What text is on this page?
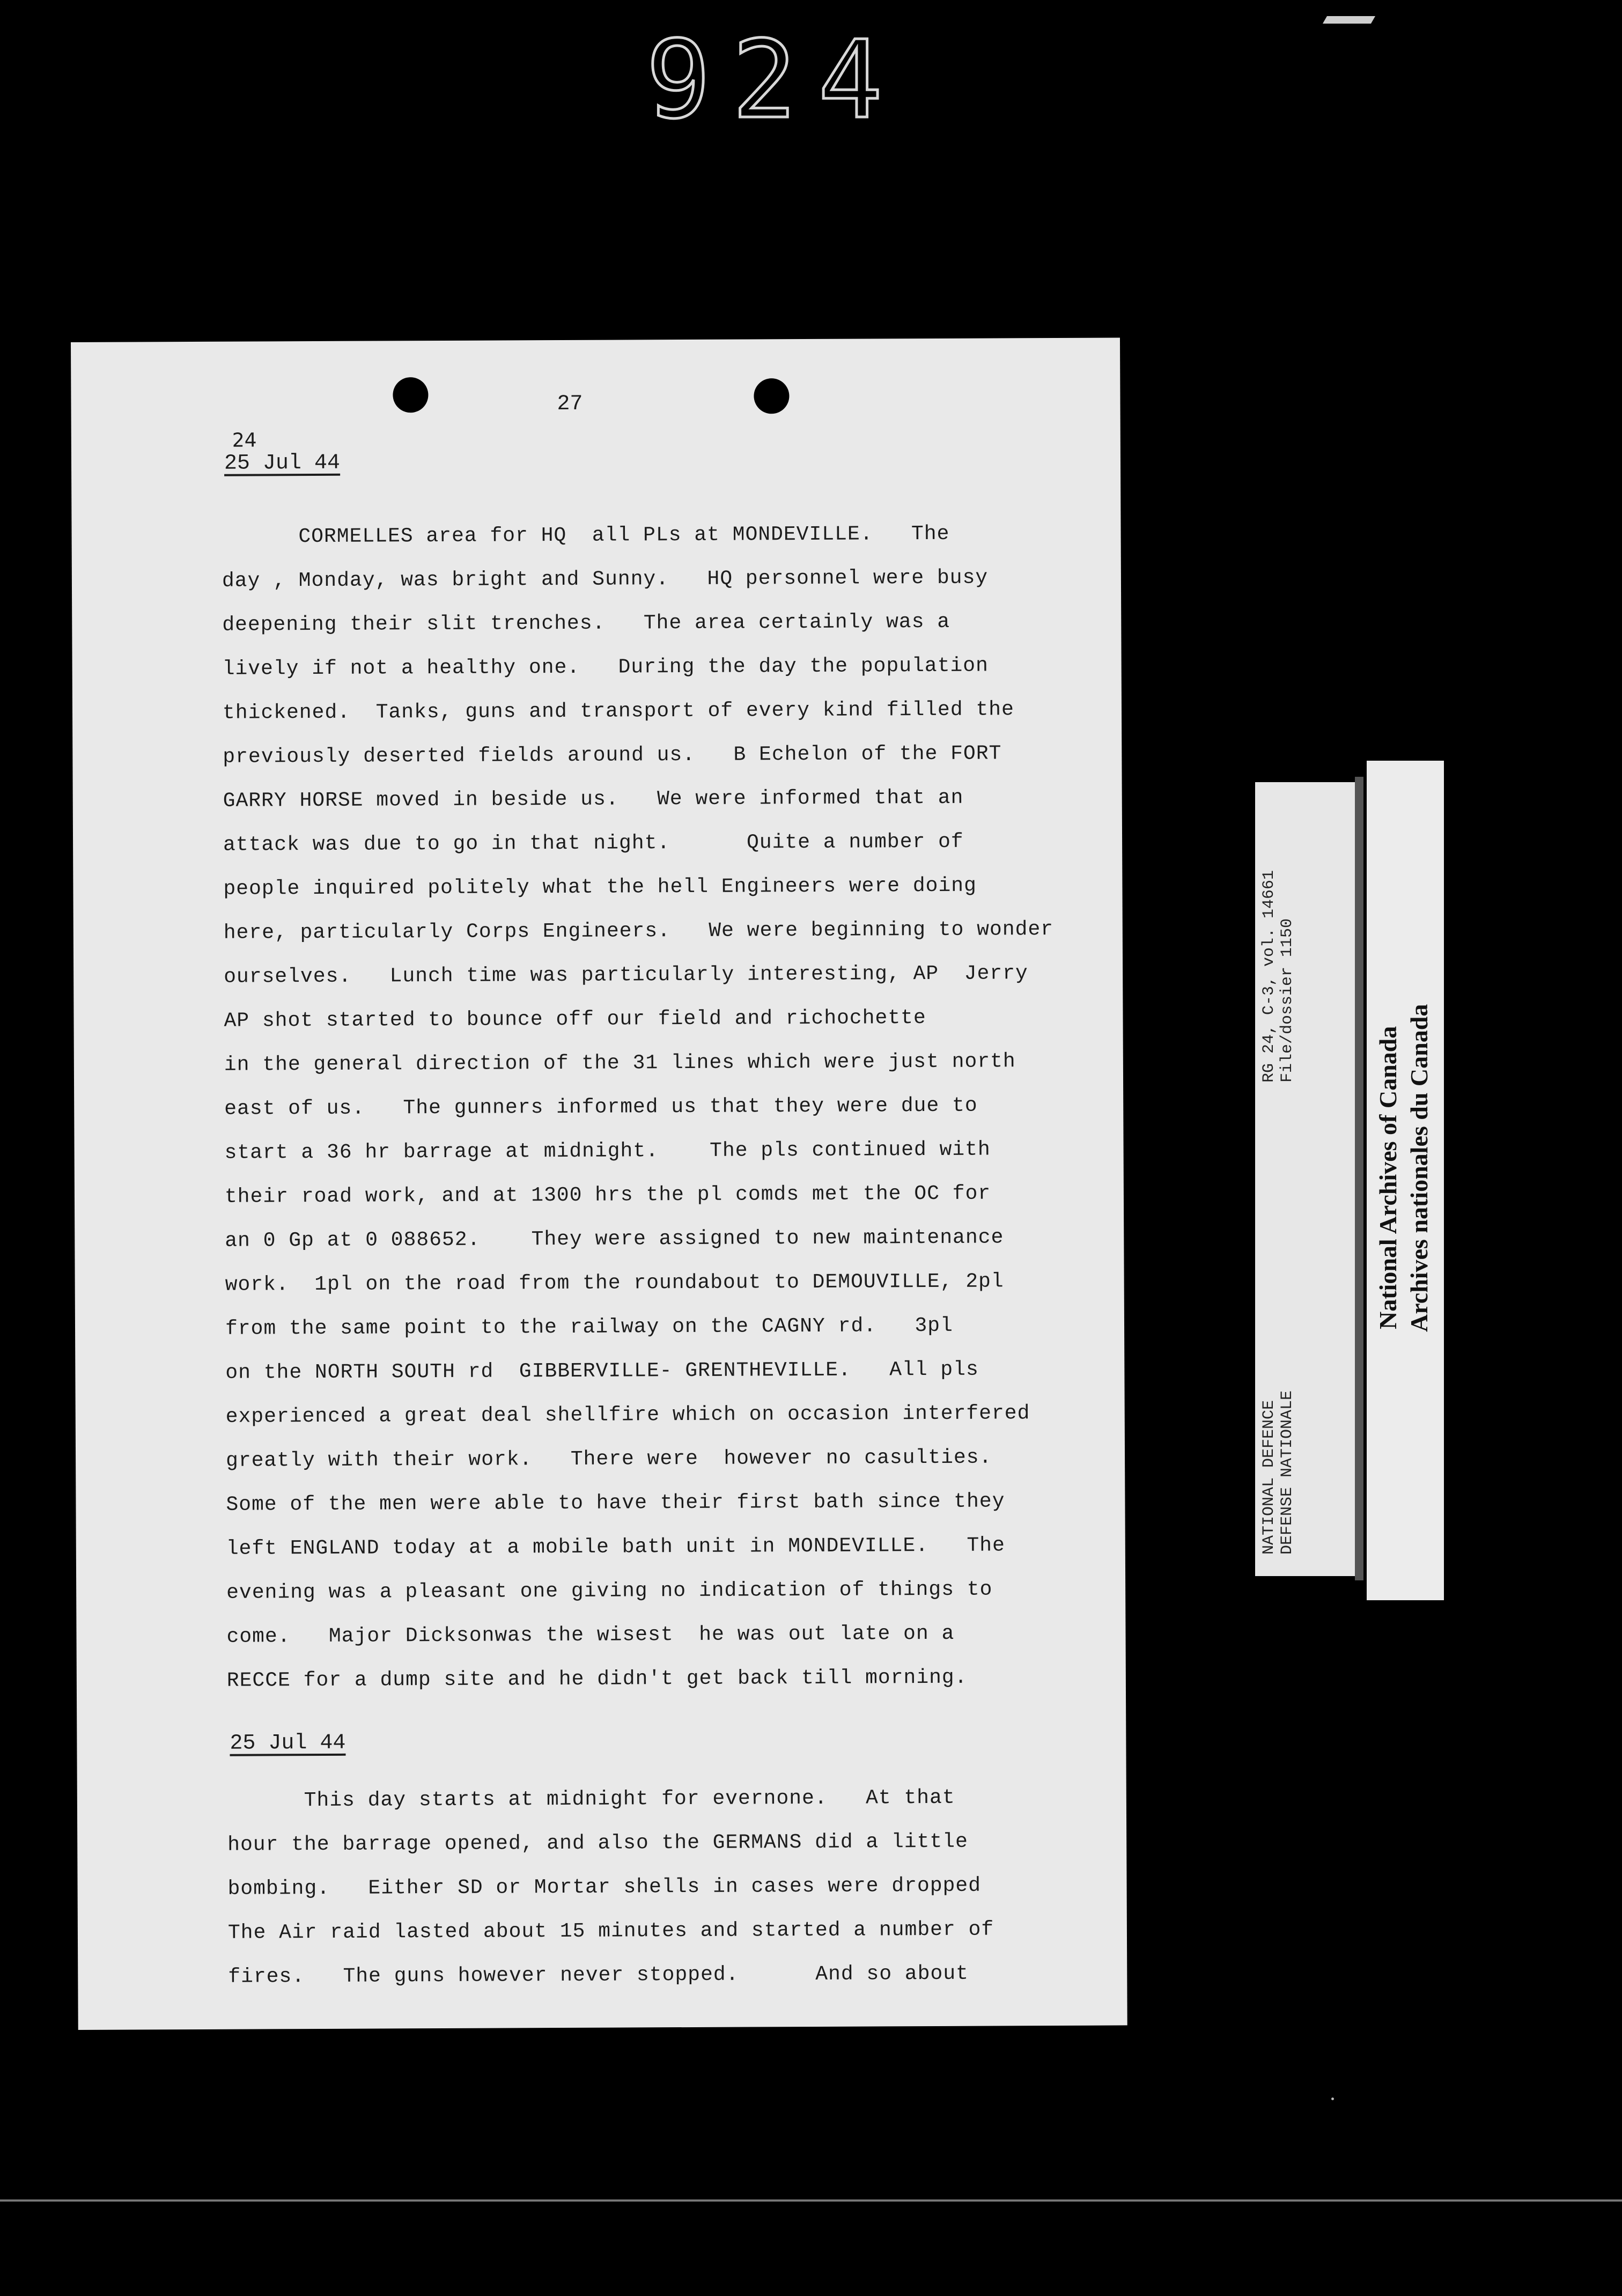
924
27
24
25 Jul 44
CORMELLES area for HQ  all PLs at MONDEVILLE.   The
day , Monday, was bright and Sunny.   HQ personnel were busy
deepening their slit trenches.   The area certainly was a
lively if not a healthy one.   During the day the population
thickened.  Tanks, guns and transport of every kind filled the
previously deserted fields around us.   B Echelon of the FORT
GARRY HORSE moved in beside us.   We were informed that an
attack was due to go in that night.      Quite a number of
people inquired politely what the hell Engineers were doing
here, particularly Corps Engineers.   We were beginning to wonder
ourselves.   Lunch time was particularly interesting, AP  Jerry
AP shot started to bounce off our field and richochette
in the general direction of the 31 lines which were just north
east of us.   The gunners informed us that they were due to
start a 36 hr barrage at midnight.    The pls continued with
their road work, and at 1300 hrs the pl comds met the OC for
an 0 Gp at 0 088652.    They were assigned to new maintenance
work.  1pl on the road from the roundabout to DEMOUVILLE, 2pl
from the same point to the railway on the CAGNY rd.   3pl
on the NORTH SOUTH rd  GIBBERVILLE- GRENTHEVILLE.   All pls
experienced a great deal shellfire which on occasion interfered
greatly with their work.   There were  however no casulties.
Some of the men were able to have their first bath since they
left ENGLAND today at a mobile bath unit in MONDEVILLE.   The
evening was a pleasant one giving no indication of things to
come.   Major Dicksonwas the wisest  he was out late on a
RECCE for a dump site and he didn't get back till morning.
25 Jul 44
This day starts at midnight for evernone.   At that
hour the barrage opened, and also the GERMANS did a little
bombing.   Either SD or Mortar shells in cases were dropped
The Air raid lasted about 15 minutes and started a number of
fires.   The guns however never stopped.      And so about
NATIONAL DEFENCE DEFENSE NATIONALE
RG 24, C-3, vol. 14661 File/dossier 1150
National Archives of Canada Archives nationales du Canada
